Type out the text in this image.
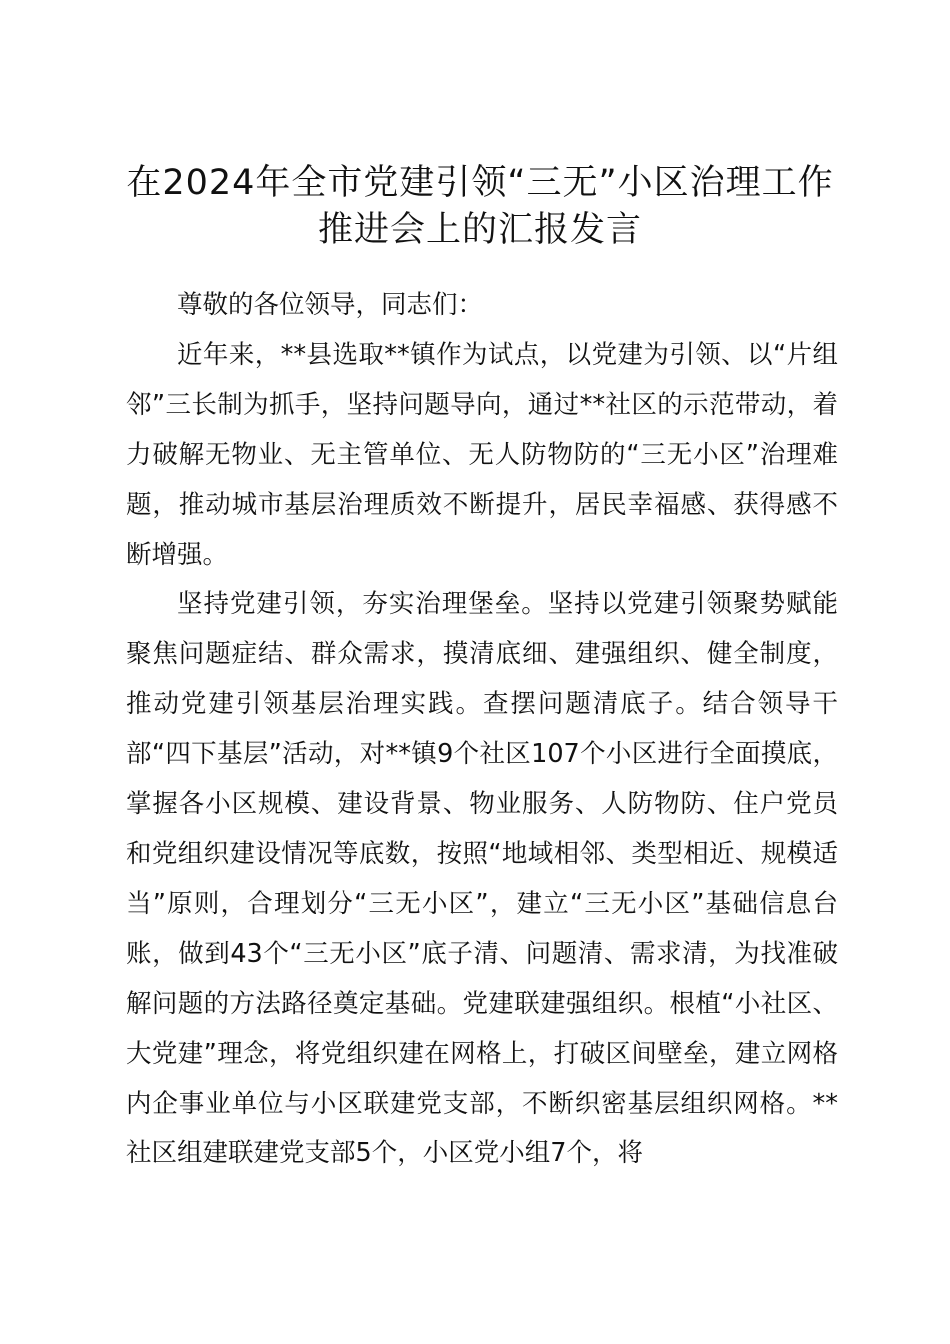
在2024年全市党建引领“三无”小区治理工作推进会上的汇报发言

尊敬的各位领导，同志们：

近年来，**县选取**镇作为试点，以党建为引领、以“片组邻”三长制为抓手，坚持问题导向，通过**社区的示范带动，着力破解无物业、无主管单位、无人防物防的“三无小区”治理难题，推动城市基层治理质效不断提升，居民幸福感、获得感不断增强。

坚持党建引领，夯实治理堡垒。坚持以党建引领聚势赋能聚焦问题症结、群众需求，摸清底细、建强组织、健全制度，推动党建引领基层治理实践。查摆问题清底子。结合领导干部“四下基层”活动，对**镇9个社区107个小区进行全面摸底，掌握各小区规模、建设背景、物业服务、人防物防、住户党员和党组织建设情况等底数，按照“地域相邻、类型相近、规模适当”原则，合理划分“三无小区”，建立“三无小区”基础信息台账，做到43个“三无小区”底子清、问题清、需求清，为找准破解问题的方法路径奠定基础。党建联建强组织。根植“小社区、大党建”理念，将党组织建在网格上，打破区间壁垒，建立网格内企事业单位与小区联建党支部，不断织密基层组织网格。**社区组建联建党支部5个，小区党小组7个，将
